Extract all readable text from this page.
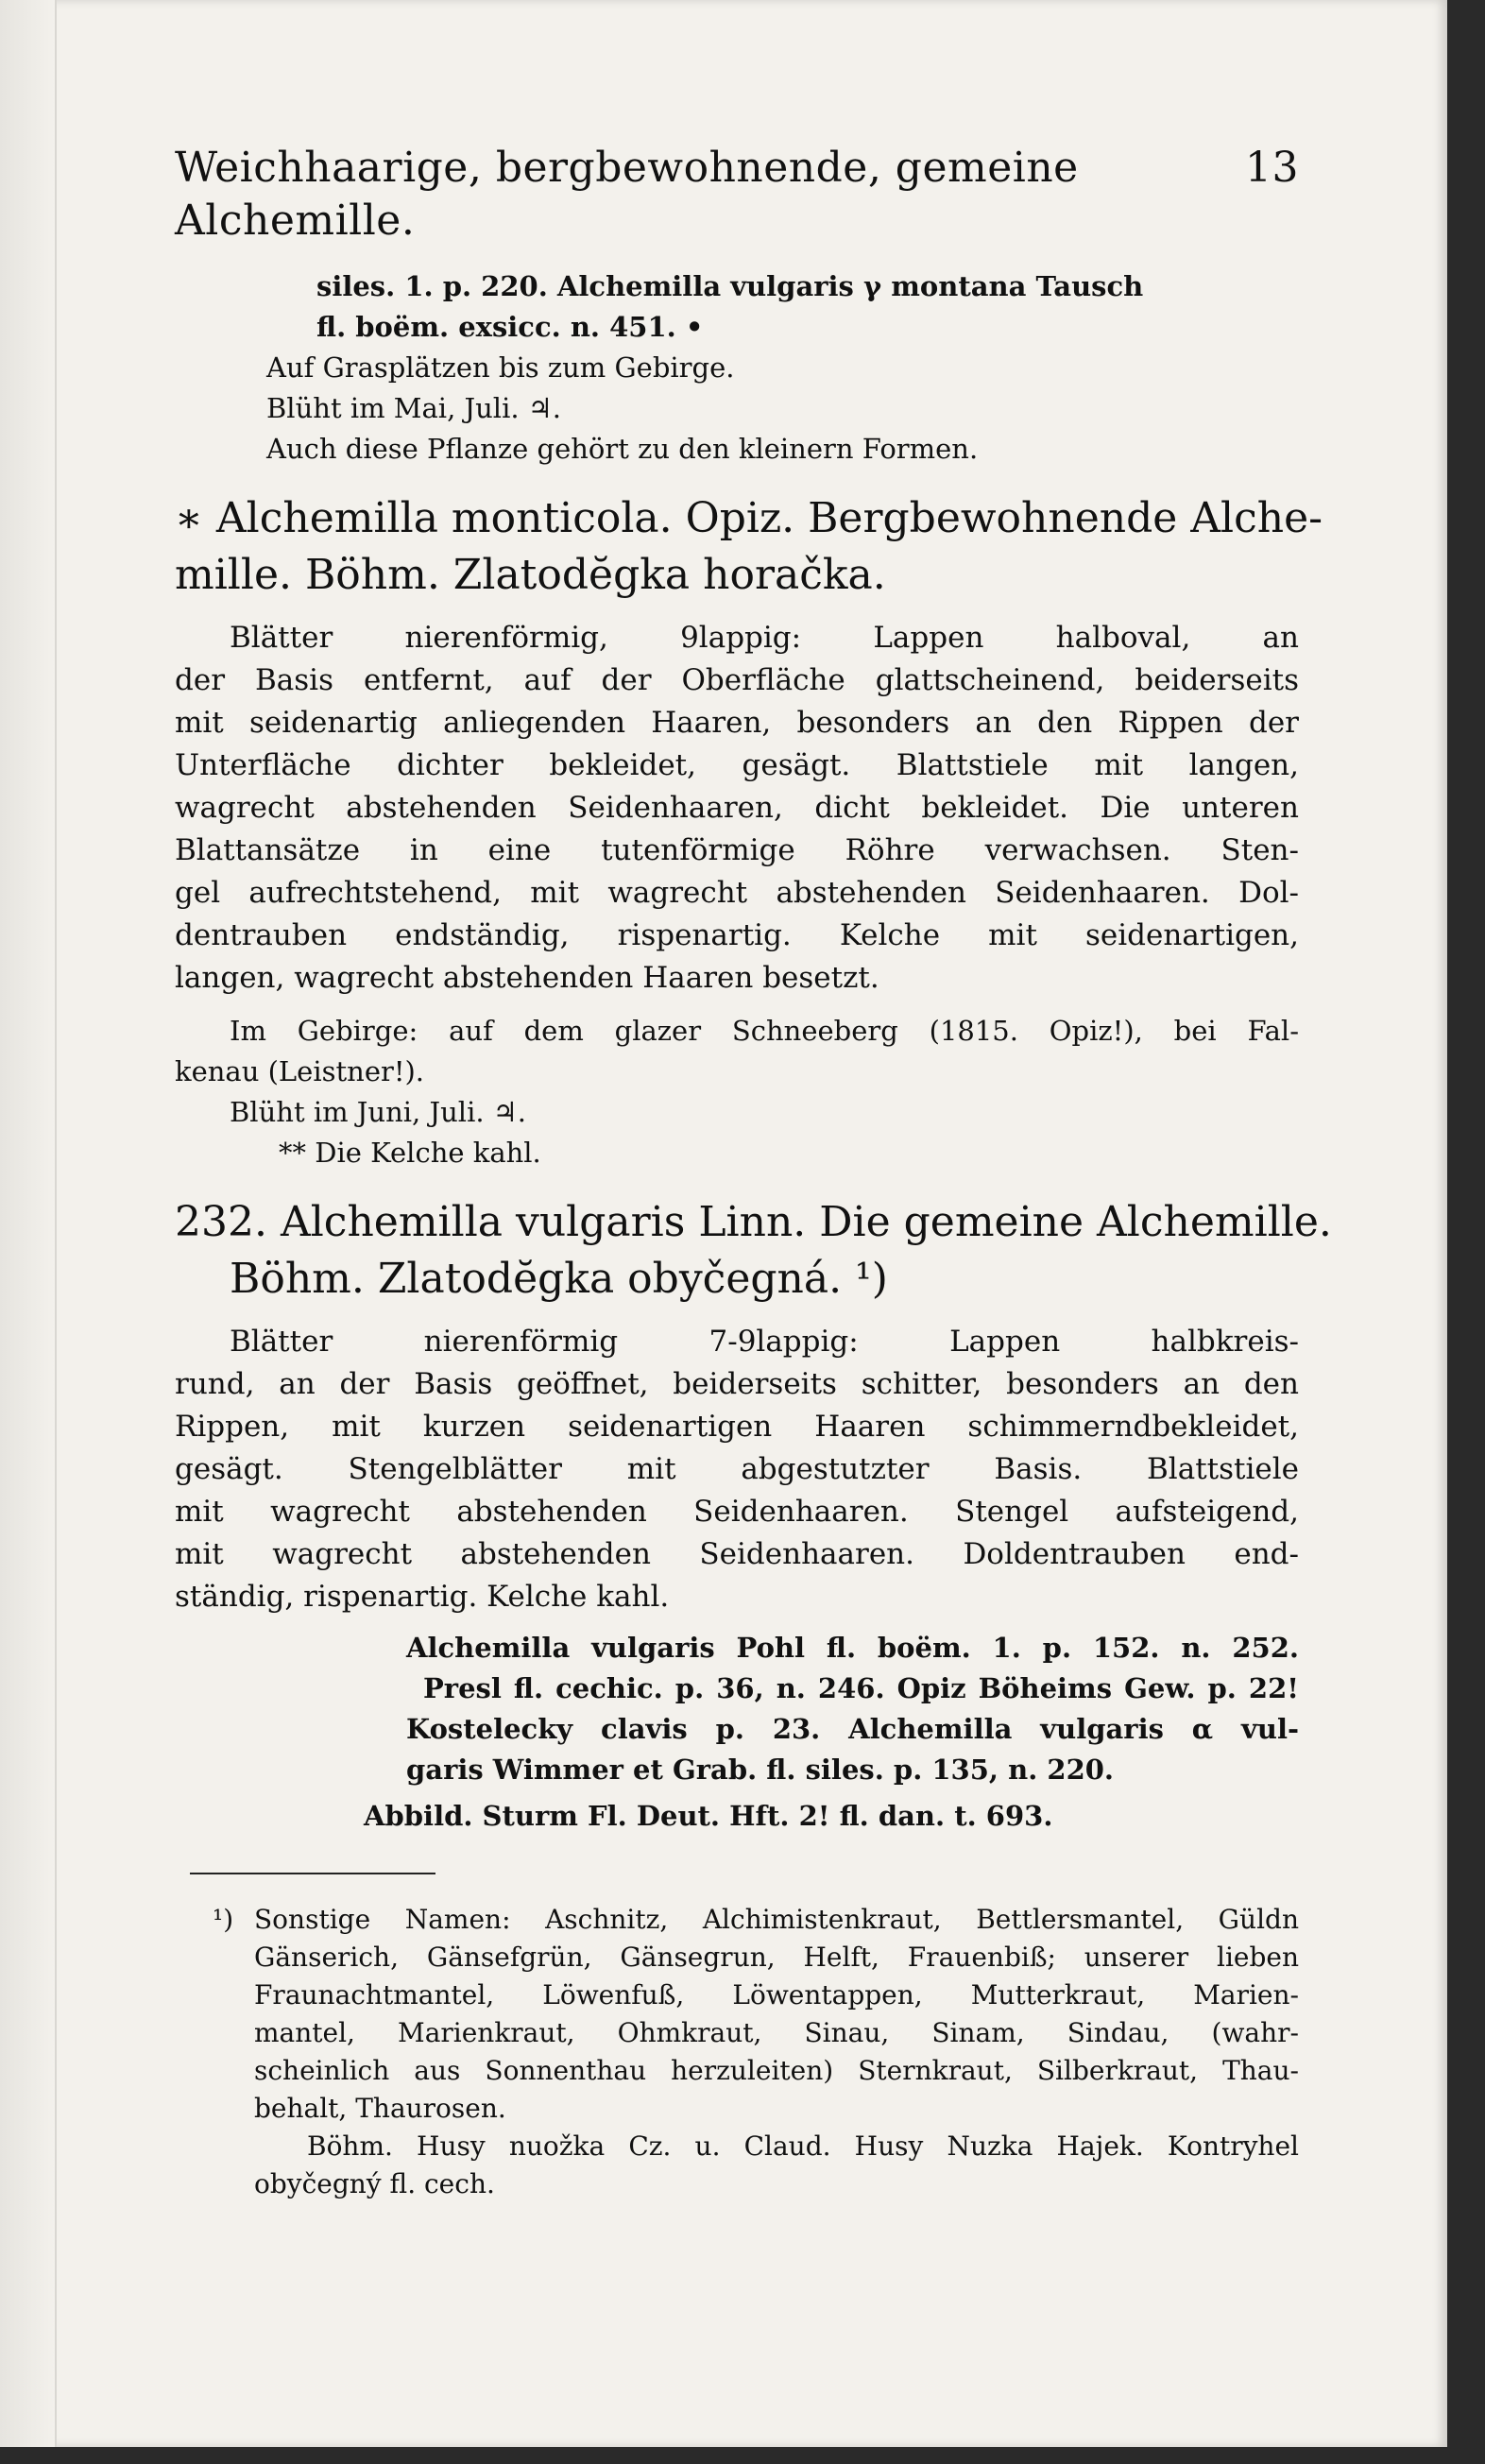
Weichhaarige, bergbewohnende, gemeine Alchemille.
13
siles. 1. p. 220. Alchemilla vulgaris γ montana Tausch
fl. boëm. exsicc. n. 451. •
Auf Grasplätzen bis zum Gebirge.
Blüht im Mai, Juli. ♃.
Auch diese Pflanze gehört zu den kleinern Formen.
∗ Alchemilla monticola. Opiz. Bergbewohnende Alche-
mille. Böhm. Zlatodĕgka horačka.
Blätter nierenförmig, 9lappig: Lappen halboval, an
der Basis entfernt, auf der Oberfläche glattscheinend, beiderseits
mit seidenartig anliegenden Haaren, besonders an den Rippen der
Unterfläche dichter bekleidet, gesägt. Blattstiele mit langen,
wagrecht abstehenden Seidenhaaren, dicht bekleidet. Die unteren
Blattansätze in eine tutenförmige Röhre verwachsen. Sten-
gel aufrechtstehend, mit wagrecht abstehenden Seidenhaaren. Dol-
dentrauben endständig, rispenartig. Kelche mit seidenartigen,
langen, wagrecht abstehenden Haaren besetzt.
Im Gebirge: auf dem glazer Schneeberg (1815. Opiz!), bei Fal-
kenau (Leistner!).
Blüht im Juni, Juli. ♃.
** Die Kelche kahl.
232. Alchemilla vulgaris Linn. Die gemeine Alchemille.
Böhm. Zlatodĕgka obyčegná. ¹)
Blätter nierenförmig 7-9lappig: Lappen halbkreis-
rund, an der Basis geöffnet, beiderseits schitter, besonders an den
Rippen, mit kurzen seidenartigen Haaren schimmerndbekleidet,
gesägt. Stengelblätter mit abgestutzter Basis. Blattstiele
mit wagrecht abstehenden Seidenhaaren. Stengel aufsteigend,
mit wagrecht abstehenden Seidenhaaren. Doldentrauben end-
ständig, rispenartig. Kelche kahl.
Alchemilla vulgaris Pohl fl. boëm. 1. p. 152. n. 252.
Presl fl. cechic. p. 36, n. 246. Opiz Böheims Gew. p. 22!
Kostelecky clavis p. 23. Alchemilla vulgaris α vul-
garis Wimmer et Grab. fl. siles. p. 135, n. 220.
Abbild. Sturm Fl. Deut. Hft. 2! fl. dan. t. 693.
¹) Sonstige Namen: Aschnitz, Alchimistenkraut, Bettlersmantel, Güldn
Gänserich, Gänsefgrün, Gänsegrun, Helft, Frauenbiß; unserer lieben
Fraunachtmantel, Löwenfuß, Löwentappen, Mutterkraut, Marien-
mantel, Marienkraut, Ohmkraut, Sinau, Sinam, Sindau, (wahr-
scheinlich aus Sonnenthau herzuleiten) Sternkraut, Silberkraut, Thau-
behalt, Thaurosen.
Böhm. Husy nuožka Cz. u. Claud. Husy Nuzka Hajek. Kontryhel
obyčegný fl. cech.
